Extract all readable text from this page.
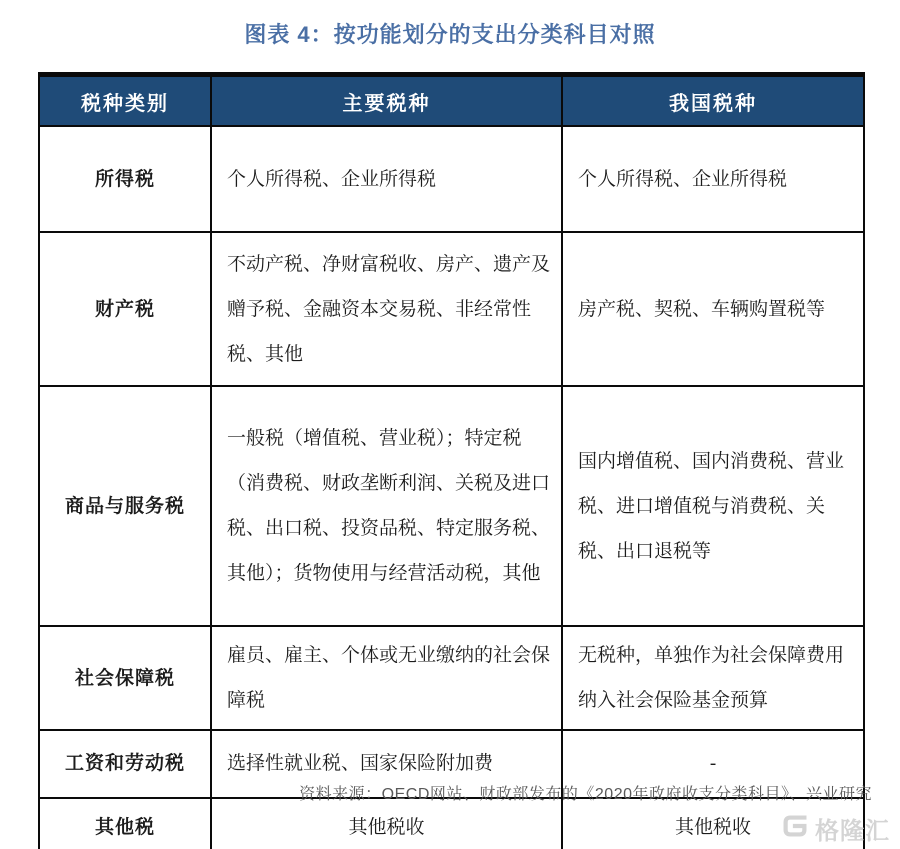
图表 4：按功能划分的支出分类科目对照
税种类别	主要税种	我国税种
所得税	个人所得税、企业所得税	个人所得税、企业所得税
财产税	不动产税、净财富税收、房产、遗产及赠予税、金融资本交易税、非经常性税、其他	房产税、契税、车辆购置税等
商品与服务税	一般税（增值税、营业税）；特定税（消费税、财政垄断利润、关税及进口税、出口税、投资品税、特定服务税、其他）；货物使用与经营活动税，其他	国内增值税、国内消费税、营业税、进口增值税与消费税、关税、出口退税等
社会保障税	雇员、雇主、个体或无业缴纳的社会保障税	无税种，单独作为社会保障费用纳入社会保险基金预算
工资和劳动税	选择性就业税、国家保险附加费	-
其他税	其他税收	其他税收
资料来源：OECD网站、财政部发布的《2020年政府收支分类科目》、兴业研究
格隆汇
